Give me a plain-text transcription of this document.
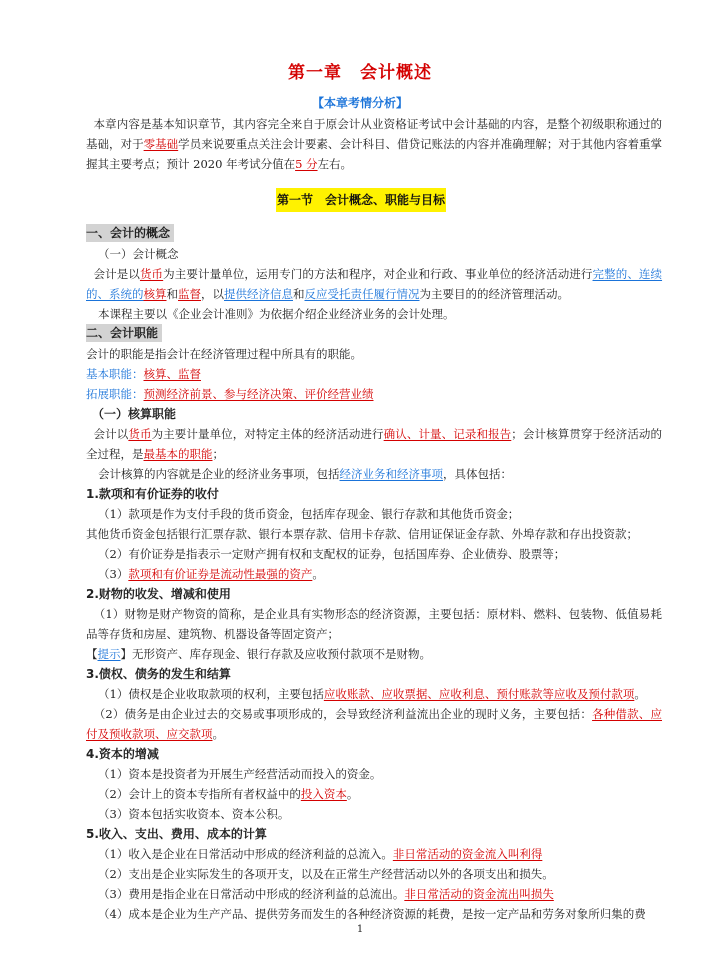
第一章　会计概述
【本章考情分析】
本章内容是基本知识章节，其内容完全来自于原会计从业资格证考试中会计基础的内容，是整个初级职称通过的基础，对于零基础学员来说要重点关注会计要素、会计科目、借贷记账法的内容并准确理解；对于其他内容着重掌握其主要考点；预计 2020 年考试分值在5 分左右。
第一节　会计概念、职能与目标
一、会计的概念
（一）会计概念
会计是以货币为主要计量单位，运用专门的方法和程序，对企业和行政、事业单位的经济活动进行完整的、连续的、系统的核算和监督，以提供经济信息和反应受托责任履行情况为主要目的的经济管理活动。
本课程主要以《企业会计准则》为依据介绍企业经济业务的会计处理。
二、会计职能
会计的职能是指会计在经济管理过程中所具有的职能。
基本职能：核算、监督
拓展职能：预测经济前景、参与经济决策、评价经营业绩
（一）核算职能
会计以货币为主要计量单位，对特定主体的经济活动进行确认、计量、记录和报告；会计核算贯穿于经济活动的全过程，是最基本的职能；
会计核算的内容就是企业的经济业务事项，包括经济业务和经济事项，具体包括：
1.款项和有价证券的收付
（1）款项是作为支付手段的货币资金，包括库存现金、银行存款和其他货币资金；
其他货币资金包括银行汇票存款、银行本票存款、信用卡存款、信用证保证金存款、外埠存款和存出投资款；
（2）有价证券是指表示一定财产拥有权和支配权的证券，包括国库券、企业债券、股票等；
（3）款项和有价证券是流动性最强的资产。
2.财物的收发、增减和使用
（1）财物是财产物资的简称，是企业具有实物形态的经济资源，主要包括：原材料、燃料、包装物、低值易耗品等存货和房屋、建筑物、机器设备等固定资产；
【提示】无形资产、库存现金、银行存款及应收预付款项不是财物。
3.债权、债务的发生和结算
（1）债权是企业收取款项的权利，主要包括应收账款、应收票据、应收利息、预付账款等应收及预付款项。
（2）债务是由企业过去的交易或事项形成的，会导致经济利益流出企业的现时义务，主要包括：各种借款、应付及预收款项、应交款项。
4.资本的增减
（1）资本是投资者为开展生产经营活动而投入的资金。
（2）会计上的资本专指所有者权益中的投入资本。
（3）资本包括实收资本、资本公积。
5.收入、支出、费用、成本的计算
（1）收入是企业在日常活动中形成的经济利益的总流入。非日常活动的资金流入叫利得
（2）支出是企业实际发生的各项开支，以及在正常生产经营活动以外的各项支出和损失。
（3）费用是指企业在日常活动中形成的经济利益的总流出。非日常活动的资金流出叫损失
（4）成本是企业为生产产品、提供劳务而发生的各种经济资源的耗费，是按一定产品和劳务对象所归集的费
1
